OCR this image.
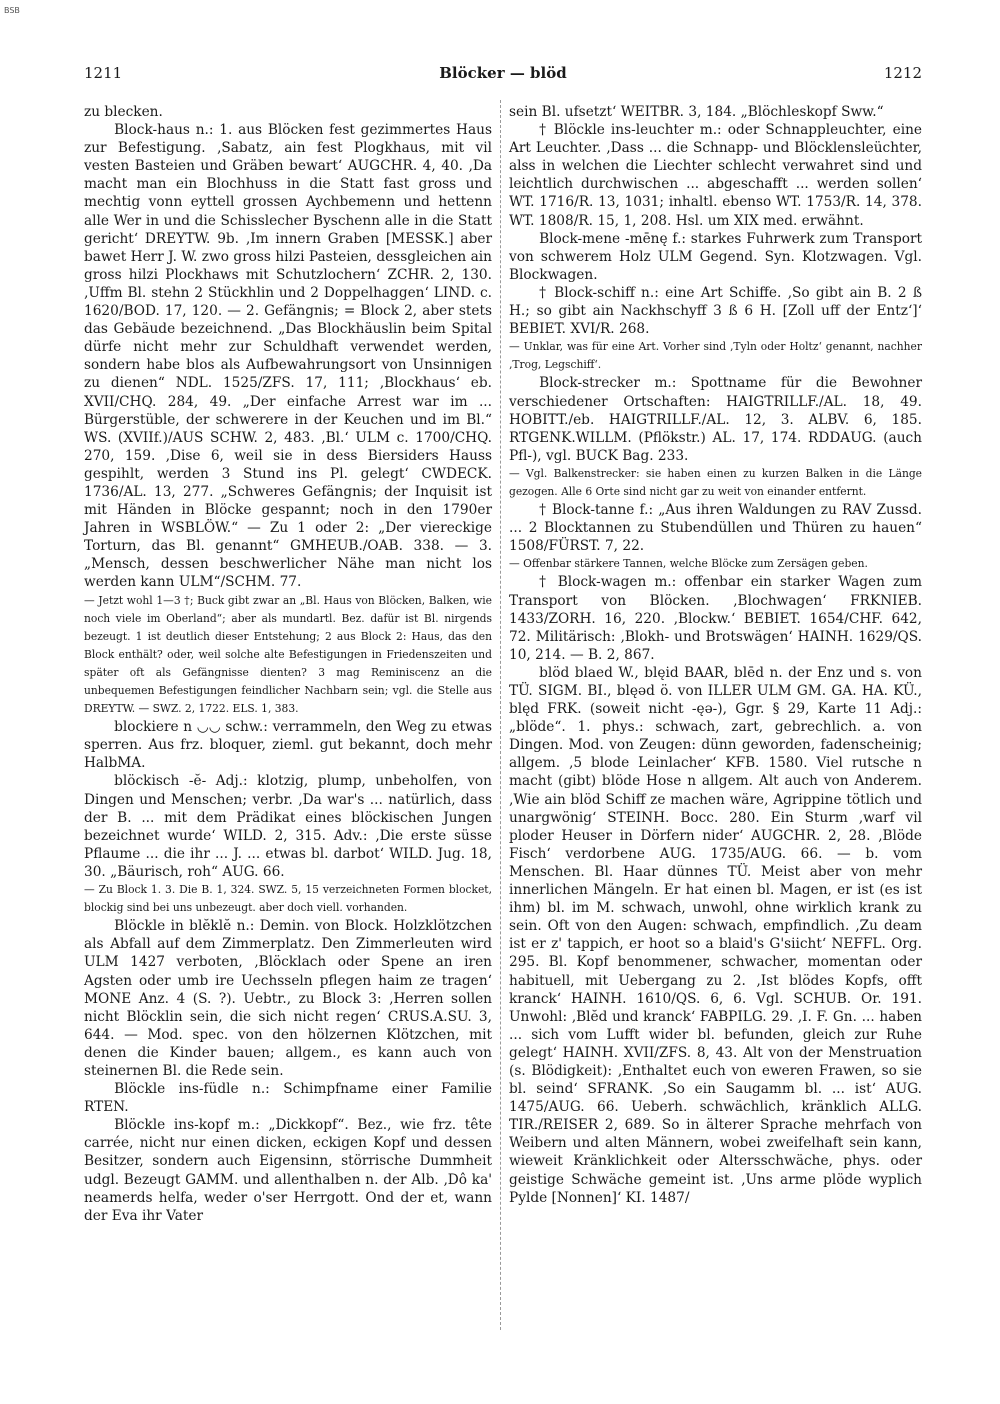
BSB
1211	Blöcker — blöd	1212

zu blecken.

Block-haus n.: 1. aus Blöcken fest gezimmertes Haus zur Befestigung. ‚Sabatz, ain fest Plogkhaus, mit vil vesten Basteien und Gräben bewart‘ AUGCHR. 4, 40. ‚Da macht man ein Blochhuss in die Statt fast gross und mechtig vonn eyttell grossen Aychbemenn und hettenn alle Wer in und die Schisslecher Byschenn alle in die Statt gericht‘ DREYTW. 9b. ‚Im innern Graben [MESSK.] aber bawet Herr J. W. zwo gross hilzi Pasteien, dessgleichen ain gross hilzi Plockhaws mit Schutzlochern‘ ZCHR. 2, 130. ‚Uffm Bl. stehn 2 Stückhlin und 2 Doppelhaggen‘ LIND. c. 1620/BOD. 17, 120. — 2. Gefängnis; = Block 2, aber stets das Gebäude bezeichnend. „Das Blockhäuslin beim Spital dürfe nicht mehr zur Schuldhaft verwendet werden, sondern habe blos als Aufbewahrungsort von Unsinnigen zu dienen“ NDL. 1525/ZFS. 17, 111; ‚Blockhaus‘ eb. XVII/CHQ. 284, 49. „Der einfache Arrest war im ... Bürgerstüble, der schwerere in der Keuchen und im Bl.“ WS. (XVIIf.)/AUS SCHW. 2, 483. ‚Bl.‘ ULM c. 1700/CHQ. 270, 159. ‚Dise 6, weil sie in dess Biersiders Hauss gespihlt, werden 3 Stund ins Pl. gelegt‘ CWDECK. 1736/AL. 13, 277. „Schweres Gefängnis; der Inquisit ist mit Händen in Blöcke gespannt; noch in den 1790er Jahren in WSBLÖW.“ — Zu 1 oder 2: „Der viereckige Torturn, das Bl. genannt“ GMHEUB./OAB. 338. — 3. „Mensch, dessen beschwerlicher Nähe man nicht los werden kann ULM“/SCHM. 77.

— Jetzt wohl 1—3 †; Buck gibt zwar an „Bl. Haus von Blöcken, Balken, wie noch viele im Oberland“; aber als mundartl. Bez. dafür ist Bl. nirgends bezeugt. 1 ist deutlich dieser Entstehung; 2 aus Block 2: Haus, das den Block enthält? oder, weil solche alte Befestigungen in Friedenszeiten und später oft als Gefängnisse dienten? 3 mag Reminiscenz an die unbequemen Befestigungen feindlicher Nachbarn sein; vgl. die Stelle aus DREYTW. — SWZ. 2, 1722. ELS. 1, 383.

blockiere n ◡◡ schw.: verrammeln, den Weg zu etwas sperren. Aus frz. bloquer, zieml. gut bekannt, doch mehr HalbMA.

blöckisch -ĕ- Adj.: klotzig, plump, unbeholfen, von Dingen und Menschen; verbr. ‚Da war's ... natürlich, dass der B. ... mit dem Prädikat eines blöckischen Jungen bezeichnet wurde‘ WILD. 2, 315. Adv.: ‚Die erste süsse Pflaume ... die ihr ... J. ... etwas bl. darbot‘ WILD. Jug. 18, 30. „Bäurisch, roh“ AUG. 66.

— Zu Block 1. 3. Die B. 1, 324. SWZ. 5, 15 verzeichneten Formen blocket, blockig sind bei uns unbezeugt. aber doch viell. vorhanden.

Blöckle in blĕklĕ n.: Demin. von Block. Holzklötzchen als Abfall auf dem Zimmerplatz. Den Zimmerleuten wird ULM 1427 verboten, ‚Blöcklach oder Spene an iren Agsten oder umb ire Uechsseln pflegen haim ze tragen‘ MONE Anz. 4 (S. ?). Uebtr., zu Block 3: ‚Herren sollen nicht Blöcklin sein, die sich nicht regen‘ CRUS.A.SU. 3, 644. — Mod. spec. von den hölzernen Klötzchen, mit denen die Kinder bauen; allgem., es kann auch von steinernen Bl. die Rede sein.

Blöckle ins-füdle n.: Schimpfname einer Familie RTEN.

Blöckle ins-kopf m.: „Dickkopf“. Bez., wie frz. tête carrée, nicht nur einen dicken, eckigen Kopf und dessen Besitzer, sondern auch Eigensinn, störrische Dummheit udgl. Bezeugt GAMM. und allenthalben n. der Alb. ‚Dô ka' neamerds helfa, weder o'ser Herrgott. Ond der et, wann der Eva ihr Vater

sein Bl. ufsetzt‘ WEITBR. 3, 184. „Blöchleskopf Sww.“

† Blöckle ins-leuchter m.: oder Schnappleuchter, eine Art Leuchter. ‚Dass ... die Schnapp- und Blöcklensleüchter, alss in welchen die Liechter schlecht verwahret sind und leichtlich durchwischen ... abgeschafft ... werden sollen‘ WT. 1716/R. 13, 1031; inhaltl. ebenso WT. 1753/R. 14, 378. WT. 1808/R. 15, 1, 208. Hsl. um XIX med. erwähnt.

Block-mene -mēnę f.: starkes Fuhrwerk zum Transport von schwerem Holz ULM Gegend. Syn. Klotzwagen. Vgl. Blockwagen.

† Block-schiff n.: eine Art Schiffe. ‚So gibt ain B. 2 ß H.; so gibt ain Nackhschyff 3 ß 6 H. [Zoll uff der Entz‘]‘ BEBIET. XVI/R. 268.

— Unklar, was für eine Art. Vorher sind ‚Tyln oder Holtz‘ genannt, nachher ‚Trog, Legschiff‘.

Block-strecker m.: Spottname für die Bewohner verschiedener Ortschaften: HAIGTRILLF./AL. 18, 49. HOBITT./eb. HAIGTRILLF./AL. 12, 3. ALBV. 6, 185. RTGENK.WILLM. (Pflökstr.) AL. 17, 174. RDDAUG. (auch Pfl-), vgl. BUCK Bag. 233.

— Vgl. Balkenstrecker: sie haben einen zu kurzen Balken in die Länge gezogen. Alle 6 Orte sind nicht gar zu weit von einander entfernt.

† Block-tanne f.: „Aus ihren Waldungen zu RAV Zussd. ... 2 Blocktannen zu Stubendüllen und Thüren zu hauen“ 1508/FÜRST. 7, 22.

— Offenbar stärkere Tannen, welche Blöcke zum Zersägen geben.

† Block-wagen m.: offenbar ein starker Wagen zum Transport von Blöcken. ‚Blochwagen‘ FRKNIEB. 1433/ZORH. 16, 220. ‚Blockw.‘ BEBIET. 1654/CHF. 642, 72. Militärisch: ‚Blokh- und Brotswägen‘ HAINH. 1629/QS. 10, 214. — B. 2, 867.

blöd blaed W., blęid BAAR, blēd n. der Enz und s. von TÜ. SIGM. BI., blęəd ö. von ILLER ULM GM. GA. HA. KÜ., blęd FRK. (soweit nicht -ęə-), Ggr. § 29, Karte 11 Adj.: „blöde“. 1. phys.: schwach, zart, gebrechlich. a. von Dingen. Mod. von Zeugen: dünn geworden, fadenscheinig; allgem. ‚5 blode Leinlacher‘ KFB. 1580. Viel rutsche n macht (gibt) blöde Hose n allgem. Alt auch von Anderem. ‚Wie ain blöd Schiff ze machen wäre, Agrippine tötlich und unargwönig‘ STEINH. Bocc. 280. Ein Sturm ‚warf vil ploder Heuser in Dörfern nider‘ AUGCHR. 2, 28. ‚Blöde Fisch‘ verdorbene AUG. 1735/AUG. 66. — b. vom Menschen. Bl. Haar dünnes TÜ. Meist aber von mehr innerlichen Mängeln. Er hat einen bl. Magen, er ist (es ist ihm) bl. im M. schwach, unwohl, ohne wirklich krank zu sein. Oft von den Augen: schwach, empfindlich. ‚Zu deam ist er z' tappich, er hoot so a blaid's G'siicht‘ NEFFL. Org. 295. Bl. Kopf benommener, schwacher, momentan oder habituell, mit Uebergang zu 2. ‚Ist blödes Kopfs, offt kranck‘ HAINH. 1610/QS. 6, 6. Vgl. SCHUB. Or. 191. Unwohl: ‚Blĕd und kranck‘ FABPILG. 29. ‚I. F. Gn. ... haben ... sich vom Lufft wider bl. befunden, gleich zur Ruhe gelegt‘ HAINH. XVII/ZFS. 8, 43. Alt von der Menstruation (s. Blödigkeit): ‚Enthaltet euch von eweren Frawen, so sie bl. seind‘ SFRANK. ‚So ein Saugamm bl. ... ist‘ AUG. 1475/AUG. 66. Ueberh. schwächlich, kränklich ALLG. TIR./REISER 2, 689. So in älterer Sprache mehrfach von Weibern und alten Männern, wobei zweifelhaft sein kann, wieweit Kränklichkeit oder Altersschwäche, phys. oder geistige Schwäche gemeint ist. ‚Uns arme plöde wyplich Pylde [Nonnen]‘ KI. 1487/
